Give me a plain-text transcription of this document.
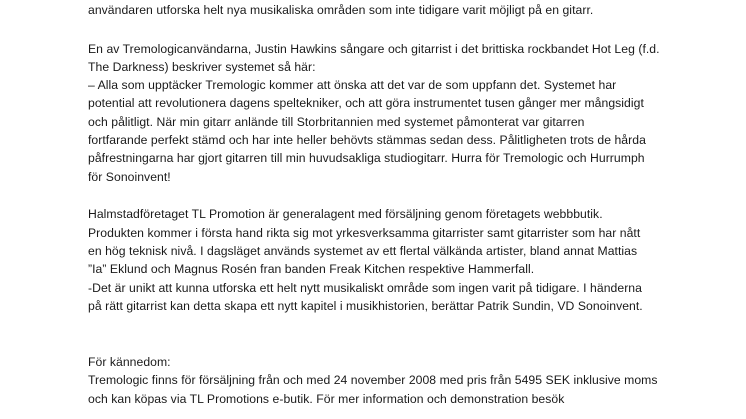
användaren utforska helt nya musikaliska områden som inte tidigare varit möjligt på en gitarr.
En av Tremologicanvändarna, Justin Hawkins sångare och gitarrist i det brittiska rockbandet Hot Leg (f.d.
The Darkness) beskriver systemet så här:
– Alla som upptäcker Tremologic kommer att önska att det var de som uppfann det. Systemet har
potential att revolutionera dagens speltekniker, och att göra instrumentet tusen gånger mer mångsidigt
och pålitligt. När min gitarr anlände till Storbritannien med systemet påmonterat var gitarren
fortfarande perfekt stämd och har inte heller behövts stämmas sedan dess. Pålitligheten trots de hårda
påfrestningarna har gjort gitarren till min huvudsakliga studiogitarr. Hurra för Tremologic och Hurrumph
för Sonoinvent!
Halmstadföretaget TL Promotion är generalagent med försäljning genom företagets webbbutik.
Produkten kommer i första hand rikta sig mot yrkesverksamma gitarrister samt gitarrister som har nått
en hög teknisk nivå. I dagsläget används systemet av ett flertal välkända artister, bland annat Mattias
”Ia” Eklund och Magnus Rosén fran banden Freak Kitchen respektive Hammerfall.
-Det är unikt att kunna utforska ett helt nytt musikaliskt område som ingen varit på tidigare. I händerna
på rätt gitarrist kan detta skapa ett nytt kapitel i musikhistorien, berättar Patrik Sundin, VD Sonoinvent.
För kännedom:
Tremologic finns för försäljning från och med 24 november 2008 med pris från 5495 SEK inklusive moms
och kan köpas via TL Promotions e-butik. För mer information och demonstration besök
